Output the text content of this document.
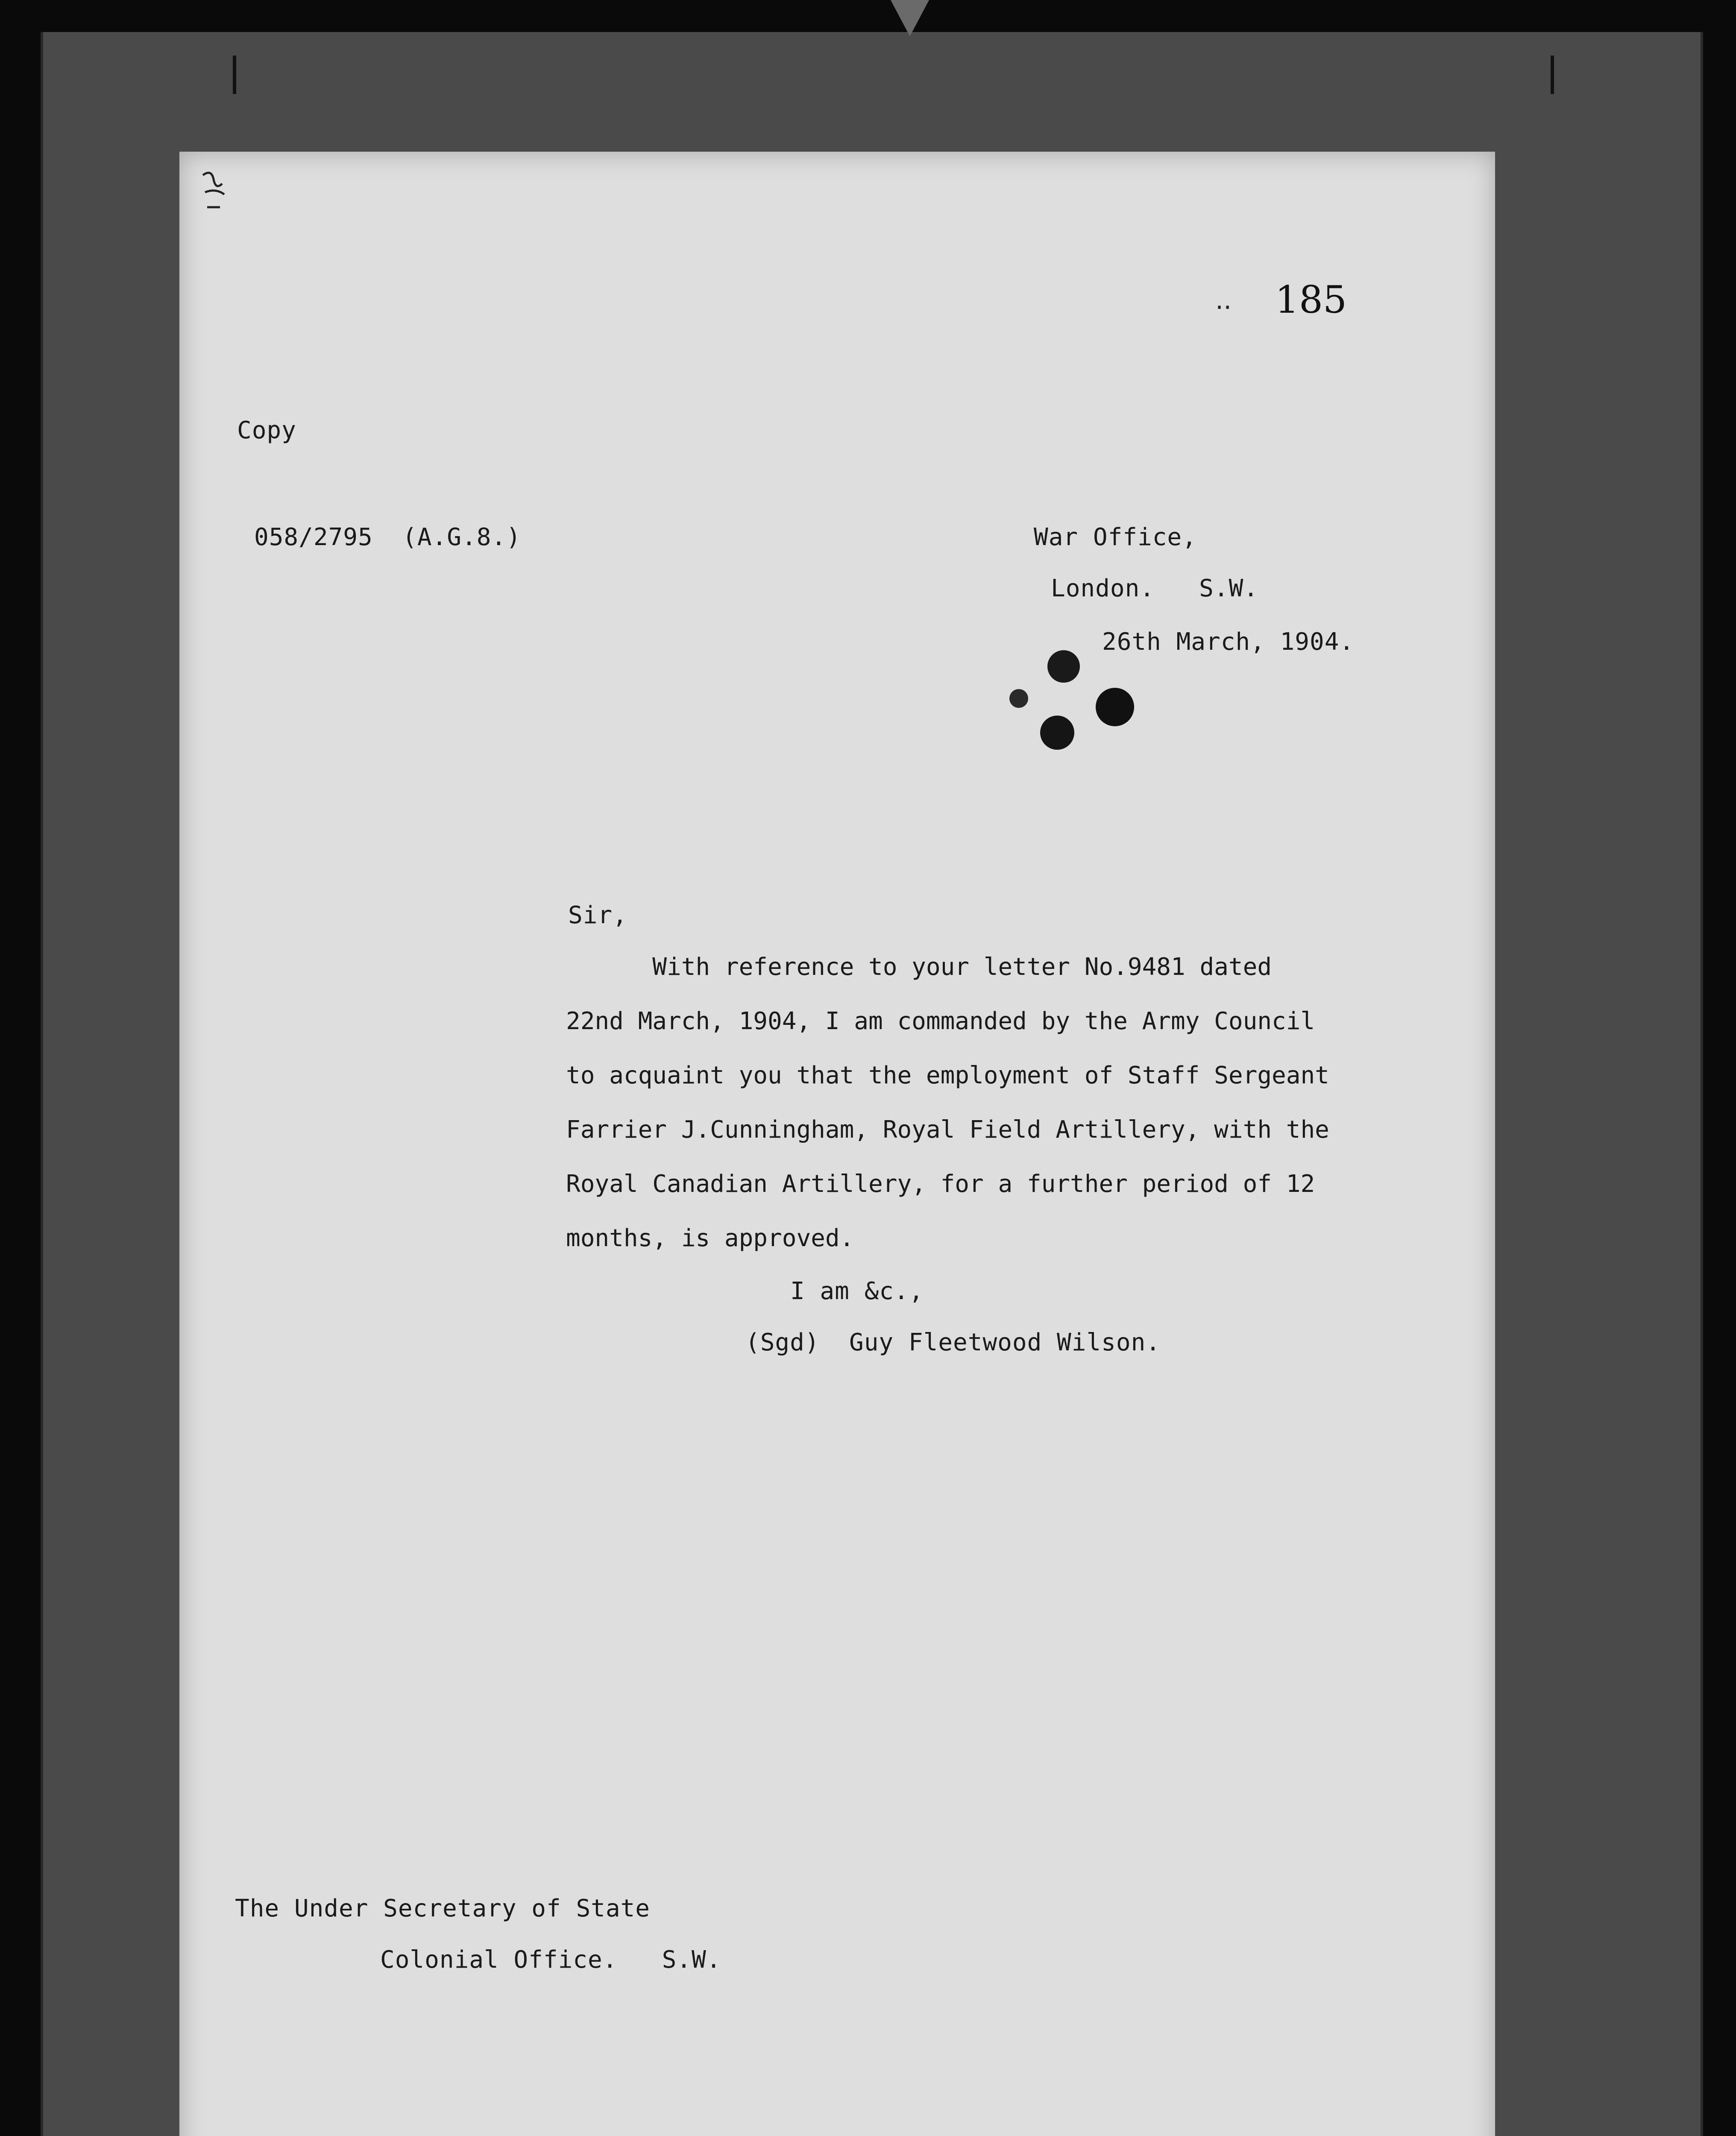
.. 185

Copy

058/2795  (A.G.8.)	War Office,

London.   S.W.

26th March, 1904.

Sir,

With reference to your letter No.9481 dated
22nd March, 1904, I am commanded by the Army Council
to acquaint you that the employment of Staff Sergeant
Farrier J.Cunningham, Royal Field Artillery, with the
Royal Canadian Artillery, for a further period of 12
months, is approved.

I am &c.,

(Sgd)  Guy Fleetwood Wilson.

The Under Secretary of State

Colonial Office.   S.W.
